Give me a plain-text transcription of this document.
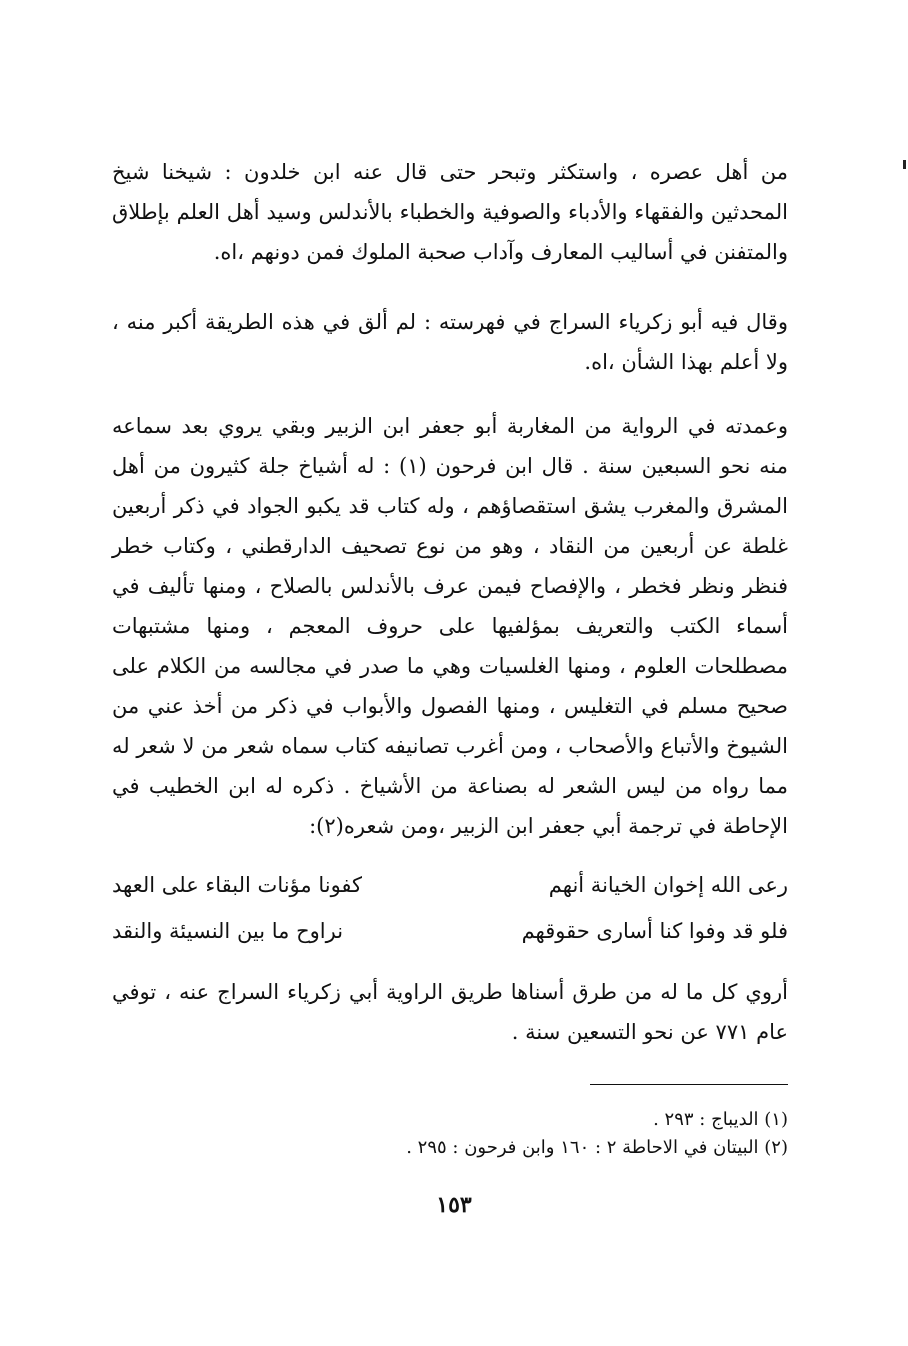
من أهل عصره ، واستكثر وتبحر حتى قال عنه ابن خلدون : شيخنا شيخ المحدثين والفقهاء والأدباء والصوفية والخطباء بالأندلس وسيد أهل العلم بإطلاق والمتفنن في أساليب المعارف وآداب صحبة الملوك فمن دونهم ،اه.

وقال فيه أبو زكرياء السراج في فهرسته : لم ألق في هذه الطريقة أكبر منه ، ولا أعلم بهذا الشأن ،اه.

وعمدته في الرواية من المغاربة أبو جعفر ابن الزبير وبقي يروي بعد سماعه منه نحو السبعين سنة . قال ابن فرحون (١) : له أشياخ جلة كثيرون من أهل المشرق والمغرب يشق استقصاؤهم ، وله كتاب قد يكبو الجواد في ذكر أربعين غلطة عن أربعين من النقاد ، وهو من نوع تصحيف الدارقطني ، وكتاب خطر فنظر ونظر فخطر ، والإفصاح فيمن عرف بالأندلس بالصلاح ، ومنها تأليف في أسماء الكتب والتعريف بمؤلفيها على حروف المعجم ، ومنها مشتبهات مصطلحات العلوم ، ومنها الغلسيات وهي ما صدر في مجالسه من الكلام على صحيح مسلم في التغليس ، ومنها الفصول والأبواب في ذكر من أخذ عني من الشيوخ والأتباع والأصحاب ، ومن أغرب تصانيفه كتاب سماه شعر من لا شعر له مما رواه من ليس الشعر له بصناعة من الأشياخ . ذكره له ابن الخطيب في الإحاطة في ترجمة أبي جعفر ابن الزبير ،ومن شعره(٢):

رعى الله إخوان الخيانة أنهم
كفونا مؤنات البقاء على العهد
فلو قد وفوا كنا أسارى حقوقهم
نراوح ما بين النسيئة والنقد

أروي كل ما له من طرق أسناها طريق الراوية أبي زكرياء السراج عنه ، توفي عام ٧٧١ عن نحو التسعين سنة .

(١) الديباج : ٢٩٣ .
(٢) البيتان في الاحاطة ٢ : ١٦٠ وابن فرحون : ٢٩٥ .
١٥٣
